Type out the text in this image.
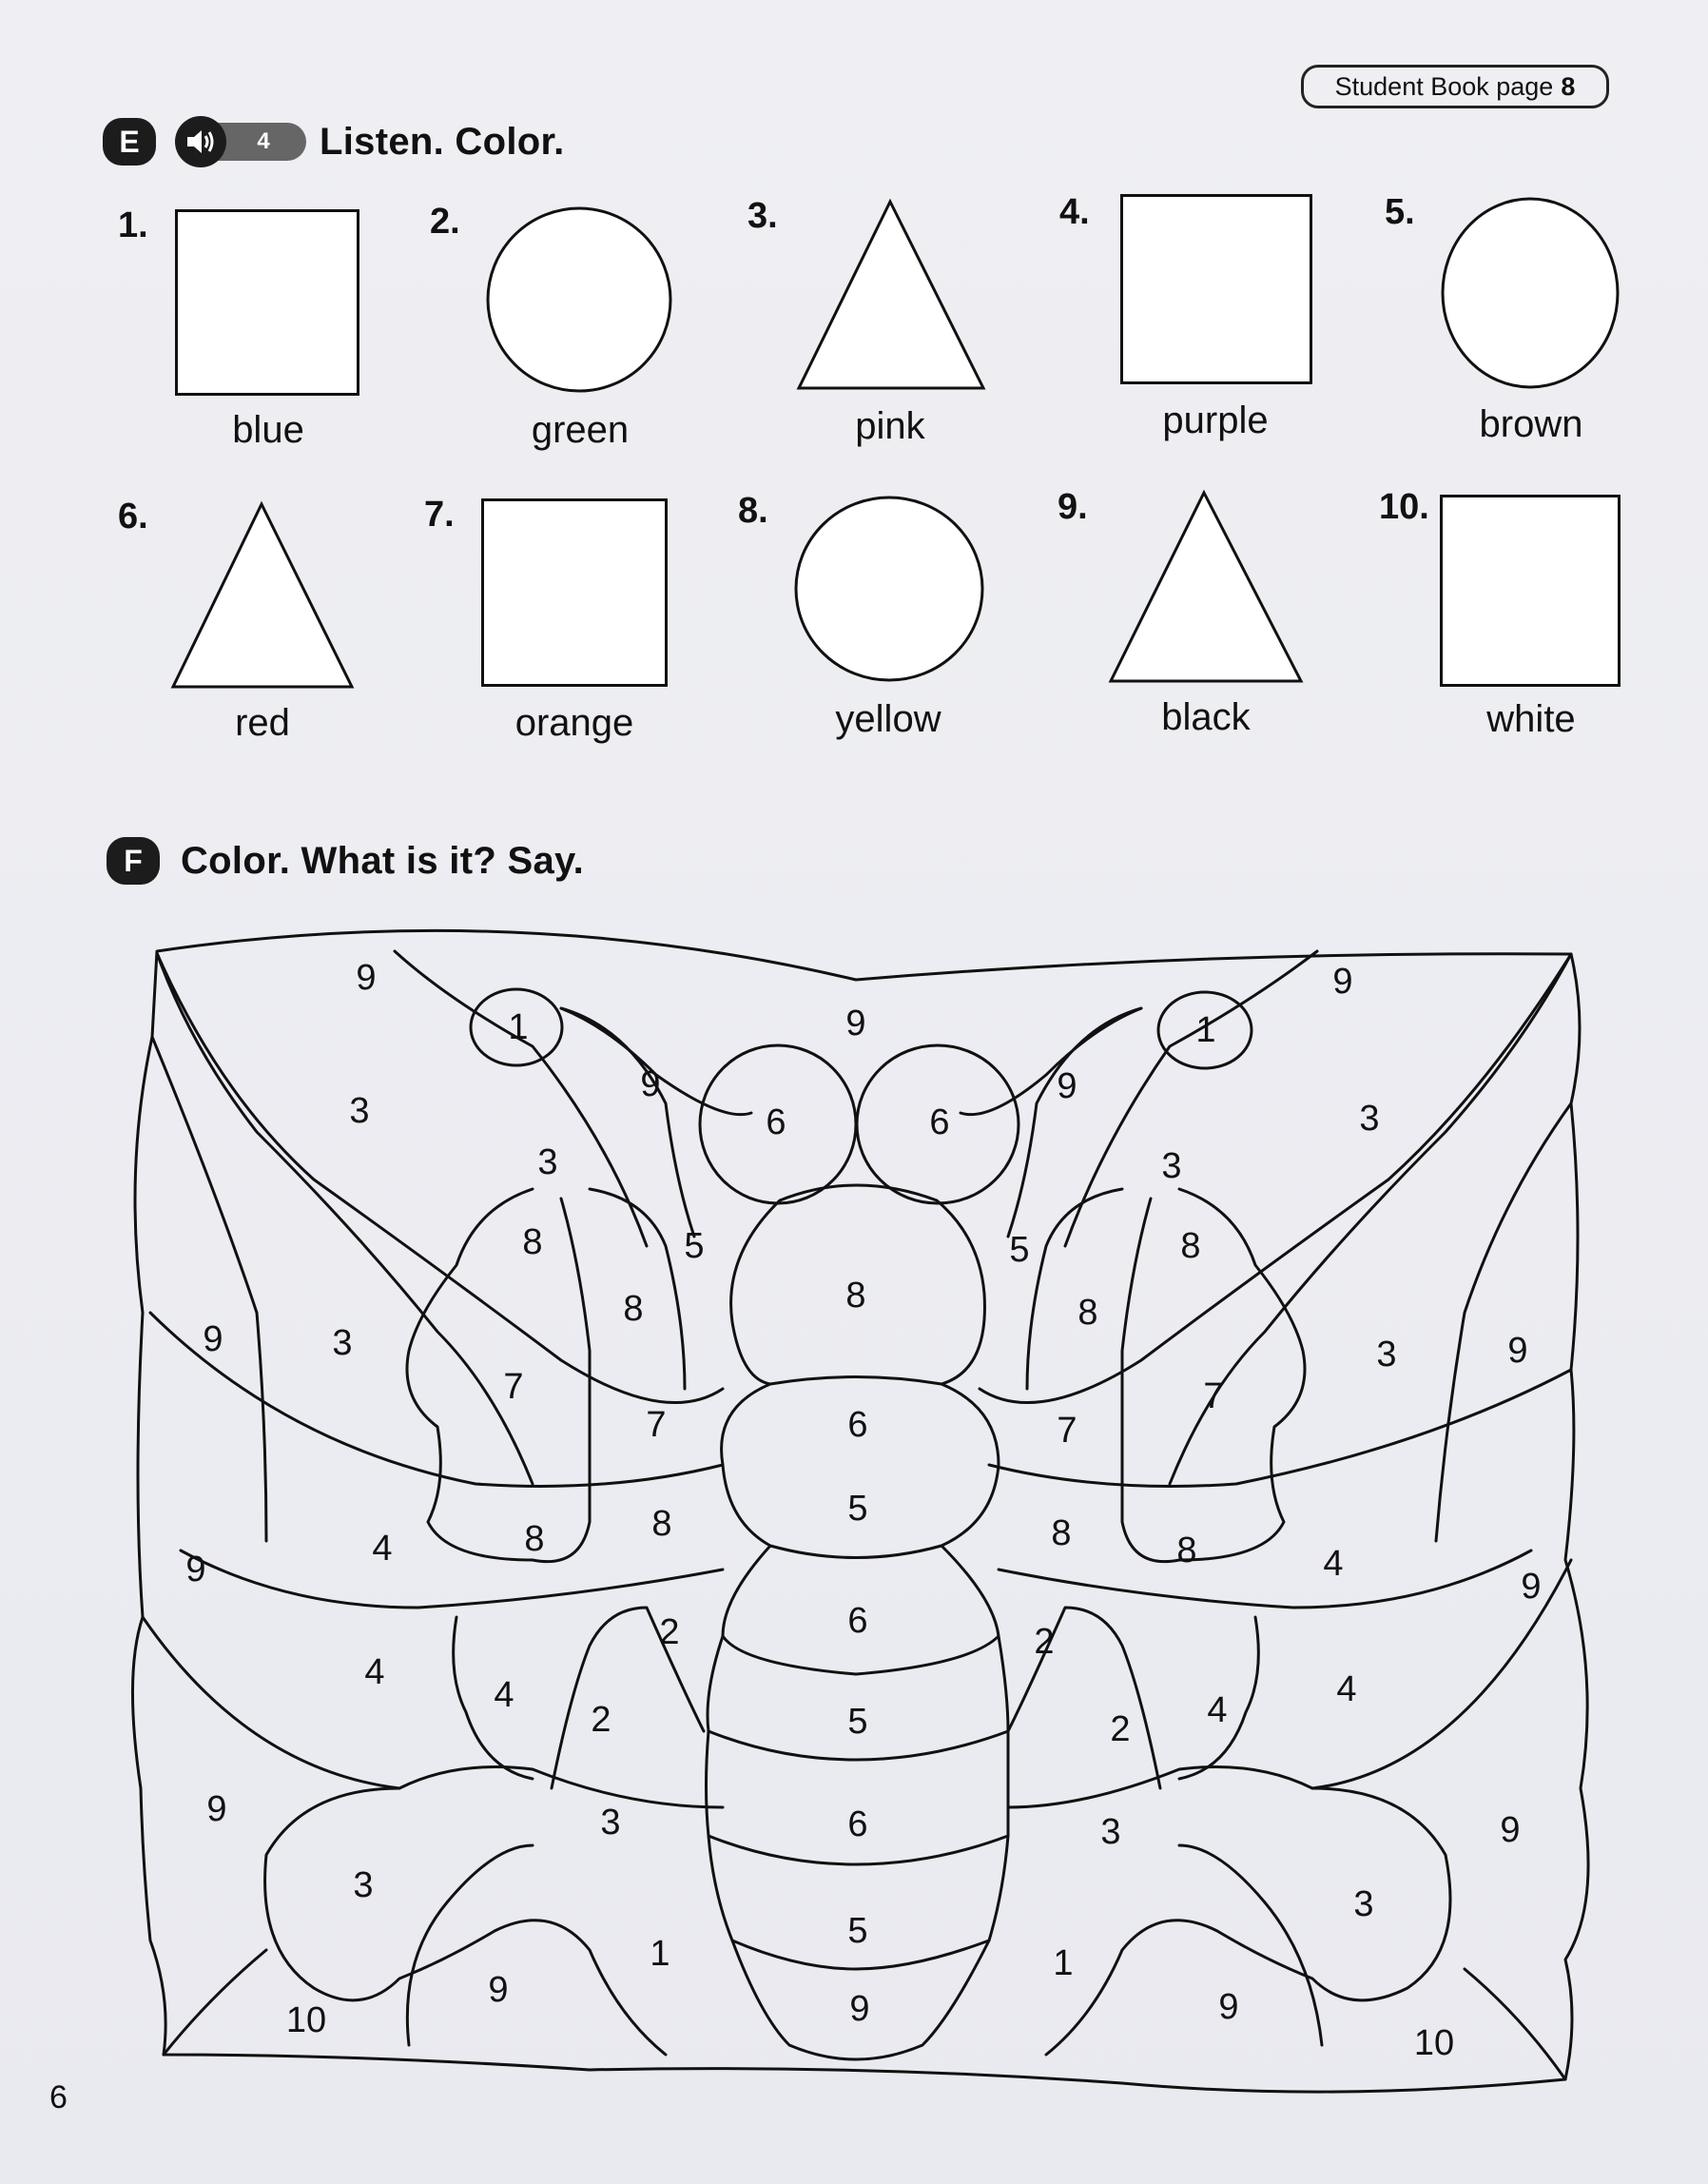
Student Book page 8
E	4	Listen. Color.
1.
blue
2.
green
3.
pink
4.
purple
5.
brown
6.
red
7.
orange
8.
yellow
9.
black
10.
white
F	Color. What is it? Say.
9
1	9	1
9
9	9
3
3	3
3
6	6
8	5	5	8
8
8	8
9	3	3	9
7	7
6
7	7
5
9
4	8	8	8	8	4
9
6
2	2
4
4
2	5	2	4
4
9	3	6	3	9
3	3
5
1	1
9	9
10	9
10
6
